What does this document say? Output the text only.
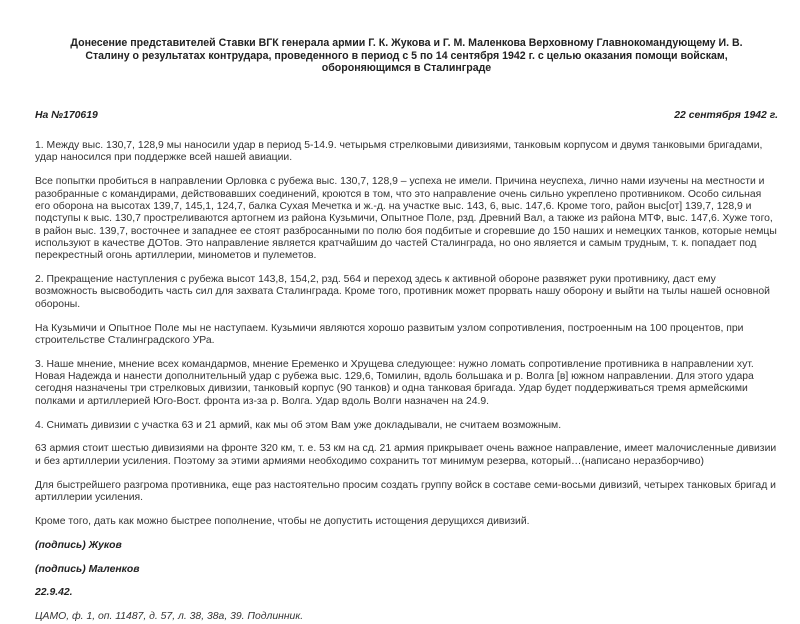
Донесение представителей Ставки ВГК генерала армии Г. К. Жукова и Г. М. Маленкова Верховному Главнокомандующему И. В. Сталину о результатах контрудара, проведенного в период с 5 по 14 сентября 1942 г. с целью оказания помощи войскам, обороняющимся в Сталинграде
На №170619	22 сентября 1942 г.

1. Между выс. 130,7, 128,9 мы наносили удар в период 5-14.9. четырьмя стрелковыми дивизиями, танковым корпусом и двумя танковыми бригадами, удар наносился при поддержке всей нашей авиации.

Все попытки пробиться в направлении Орловка с рубежа выс. 130,7, 128,9 – успеха не имели. Причина неуспеха, лично нами изучены на местности и разобранные с командирами, действовавших соединений, кроются в том, что это направление очень сильно укреплено противником. Особо сильная его оборона на высотах 139,7, 145,1, 124,7, балка Сухая Мечетка и ж.-д. на участке выс. 143, 6, выс. 147,6. Кроме того, район выс[от] 139,7, 128,9 и подступы к выс. 130,7 простреливаются артогнем из района Кузьмичи, Опытное Поле, рзд. Древний Вал, а также из района МТФ, выс. 147,6. Хуже того, в район выс. 139,7, восточнее и западнее ее стоят разбросанными по полю боя подбитые и сгоревшие до 150 наших и немецких танков, которые немцы используют в качестве ДОТов. Это направление является кратчайшим до частей Сталинграда, но оно является и самым трудным, т. к. попадает под перекрестный огонь артиллерии, минометов и пулеметов.

2. Прекращение наступления с рубежа высот 143,8, 154,2, рзд. 564 и переход здесь к активной обороне развяжет руки противнику, даст ему возможность высвободить часть сил для захвата Сталинграда. Кроме того, противник может прорвать нашу оборону и выйти на тылы нашей основной обороны.

На Кузьмичи и Опытное Поле мы не наступаем. Кузьмичи являются хорошо развитым узлом сопротивления, построенным на 100 процентов, при строительстве Сталинградского УРа.

3. Наше мнение, мнение всех командармов, мнение Еременко и Хрущева следующее: нужно ломать сопротивление противника в направлении хут. Новая Надежда и нанести дополнительный удар с рубежа выс. 129,6, Томилин, вдоль большака и р. Волга [в] южном направлении. Для этого удара сегодня назначены три стрелковых дивизии, танковый корпус (90 танков) и одна танковая бригада. Удар будет поддерживаться тремя армейскими полками и артиллерией Юго-Вост. фронта из-за р. Волга. Удар вдоль Волги назначен на 24.9.

4. Снимать дивизии с участка 63 и 21 армий, как мы об этом Вам уже докладывали, не считаем возможным.

63 армия стоит шестью дивизиями на фронте 320 км, т. е. 53 км на сд. 21 армия прикрывает очень важное направление, имеет малочисленные дивизии и без артиллерии усиления. Поэтому за этими армиями необходимо сохранить тот минимум резерва, который…(написано неразборчиво)

Для быстрейшего разгрома противника, еще раз настоятельно просим создать группу войск в составе семи-восьми дивизий, четырех танковых бригад и артиллерии усиления.

Кроме того, дать как можно быстрее пополнение, чтобы не допустить истощения дерущихся дивизий.

(подпись) Жуков
(подпись) Маленков
22.9.42.
ЦАМО, ф. 1, оп. 11487, д. 57, л. 38, 38а, 39. Подлинник.
